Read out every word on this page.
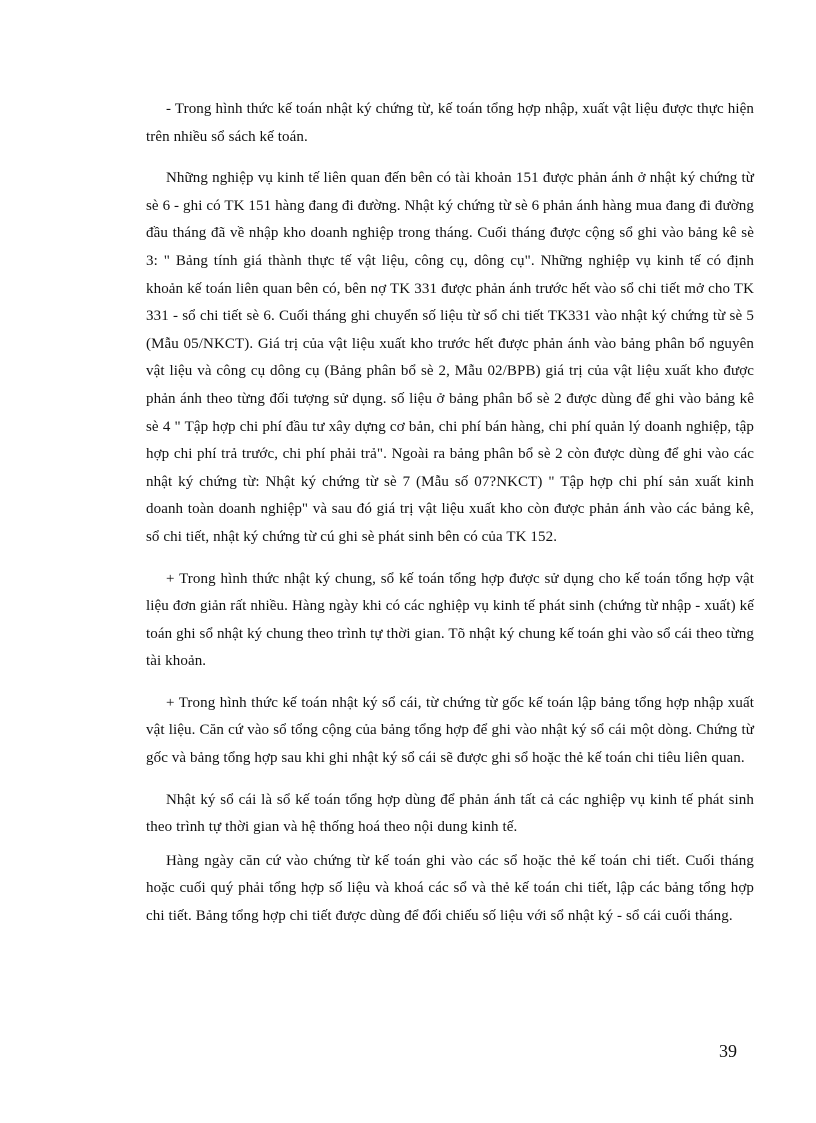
- Trong hình thức kế toán nhật ký chứng từ, kế toán tổng hợp nhập, xuất vật liệu được thực hiện trên nhiều sổ sách kế toán.

Những nghiệp vụ kinh tế liên quan đến bên có tài khoản 151 được phản ánh ở nhật ký chứng từ sè 6 - ghi có TK 151 hàng đang đi đường. Nhật ký chứng từ sè 6 phản ánh hàng mua đang đi đường đầu tháng đã về nhập kho doanh nghiệp trong tháng. Cuối tháng được cộng sổ ghi vào bảng kê sè 3: " Bảng tính giá thành thực tế vật liệu, công cụ, dông cụ". Những nghiệp vụ kinh tế có định khoản kế toán liên quan bên có, bên nợ TK 331 được phản ánh trước hết vào sổ chi tiết mở cho TK 331 - sổ chi tiết sè 6. Cuối tháng ghi chuyển số liệu từ sổ chi tiết TK331 vào nhật ký chứng từ sè 5 (Mẫu 05/NKCT). Giá trị của vật liệu xuất kho trước hết được phản ánh vào bảng phân bổ nguyên vật liệu và công cụ dông cụ (Bảng phân bổ sè 2, Mẫu 02/BPB) giá trị của vật liệu xuất kho được phản ánh theo từng đối tượng sử dụng. số liệu ở bảng phân bổ sè 2 được dùng để ghi vào bảng kê sè 4 " Tập hợp chi phí đầu tư xây dựng cơ bản, chi phí bán hàng, chi phí quản lý doanh nghiệp, tập hợp chi phí trả trước, chi phí phải trả". Ngoài ra bảng phân bổ sè 2 còn được dùng để ghi vào các nhật ký chứng từ: Nhật ký chứng từ sè 7 (Mẫu số 07?NKCT) " Tập hợp chi phí sản xuất kinh doanh toàn doanh nghiệp" và sau đó giá trị vật liệu xuất kho còn được phản ánh vào các bảng kê, sổ chi tiết, nhật ký chứng từ cú ghi sè phát sinh bên có của TK 152.

+ Trong hình thức nhật ký chung, sổ kế toán tổng hợp được sử dụng cho kế toán tổng hợp vật liệu đơn giản rất nhiều. Hàng ngày khi có các nghiệp vụ kinh tế phát sinh (chứng từ nhập - xuất) kế toán ghi sổ nhật ký chung theo trình tự thời gian. Tõ nhật ký chung kế toán ghi vào sổ cái theo từng tài khoản.

+ Trong hình thức kế toán nhật ký sổ cái, từ chứng từ gốc kế toán lập bảng tổng hợp nhập xuất vật liệu. Căn cứ vào sổ tổng cộng của bảng tổng hợp để ghi vào nhật ký sổ cái một dòng. Chứng từ gốc và bảng tổng hợp sau khi ghi nhật ký sổ cái sẽ được ghi sổ hoặc thẻ kế toán chi tiêu liên quan.

Nhật ký sổ cái là sổ kế toán tổng hợp dùng để phản ánh tất cả các nghiệp vụ kinh tế phát sinh theo trình tự thời gian và hệ thống hoá theo nội dung kinh tế.

Hàng ngày căn cứ vào chứng từ kế toán ghi vào các sổ hoặc thẻ kế toán chi tiết. Cuối tháng hoặc cuối quý phải tổng hợp số liệu và khoá các sổ và thẻ kế toán chi tiết, lập các bảng tổng hợp chi tiết. Bảng tổng hợp chi tiết được dùng để đối chiếu số liệu với sổ nhật ký - sổ cái cuối tháng.

39
